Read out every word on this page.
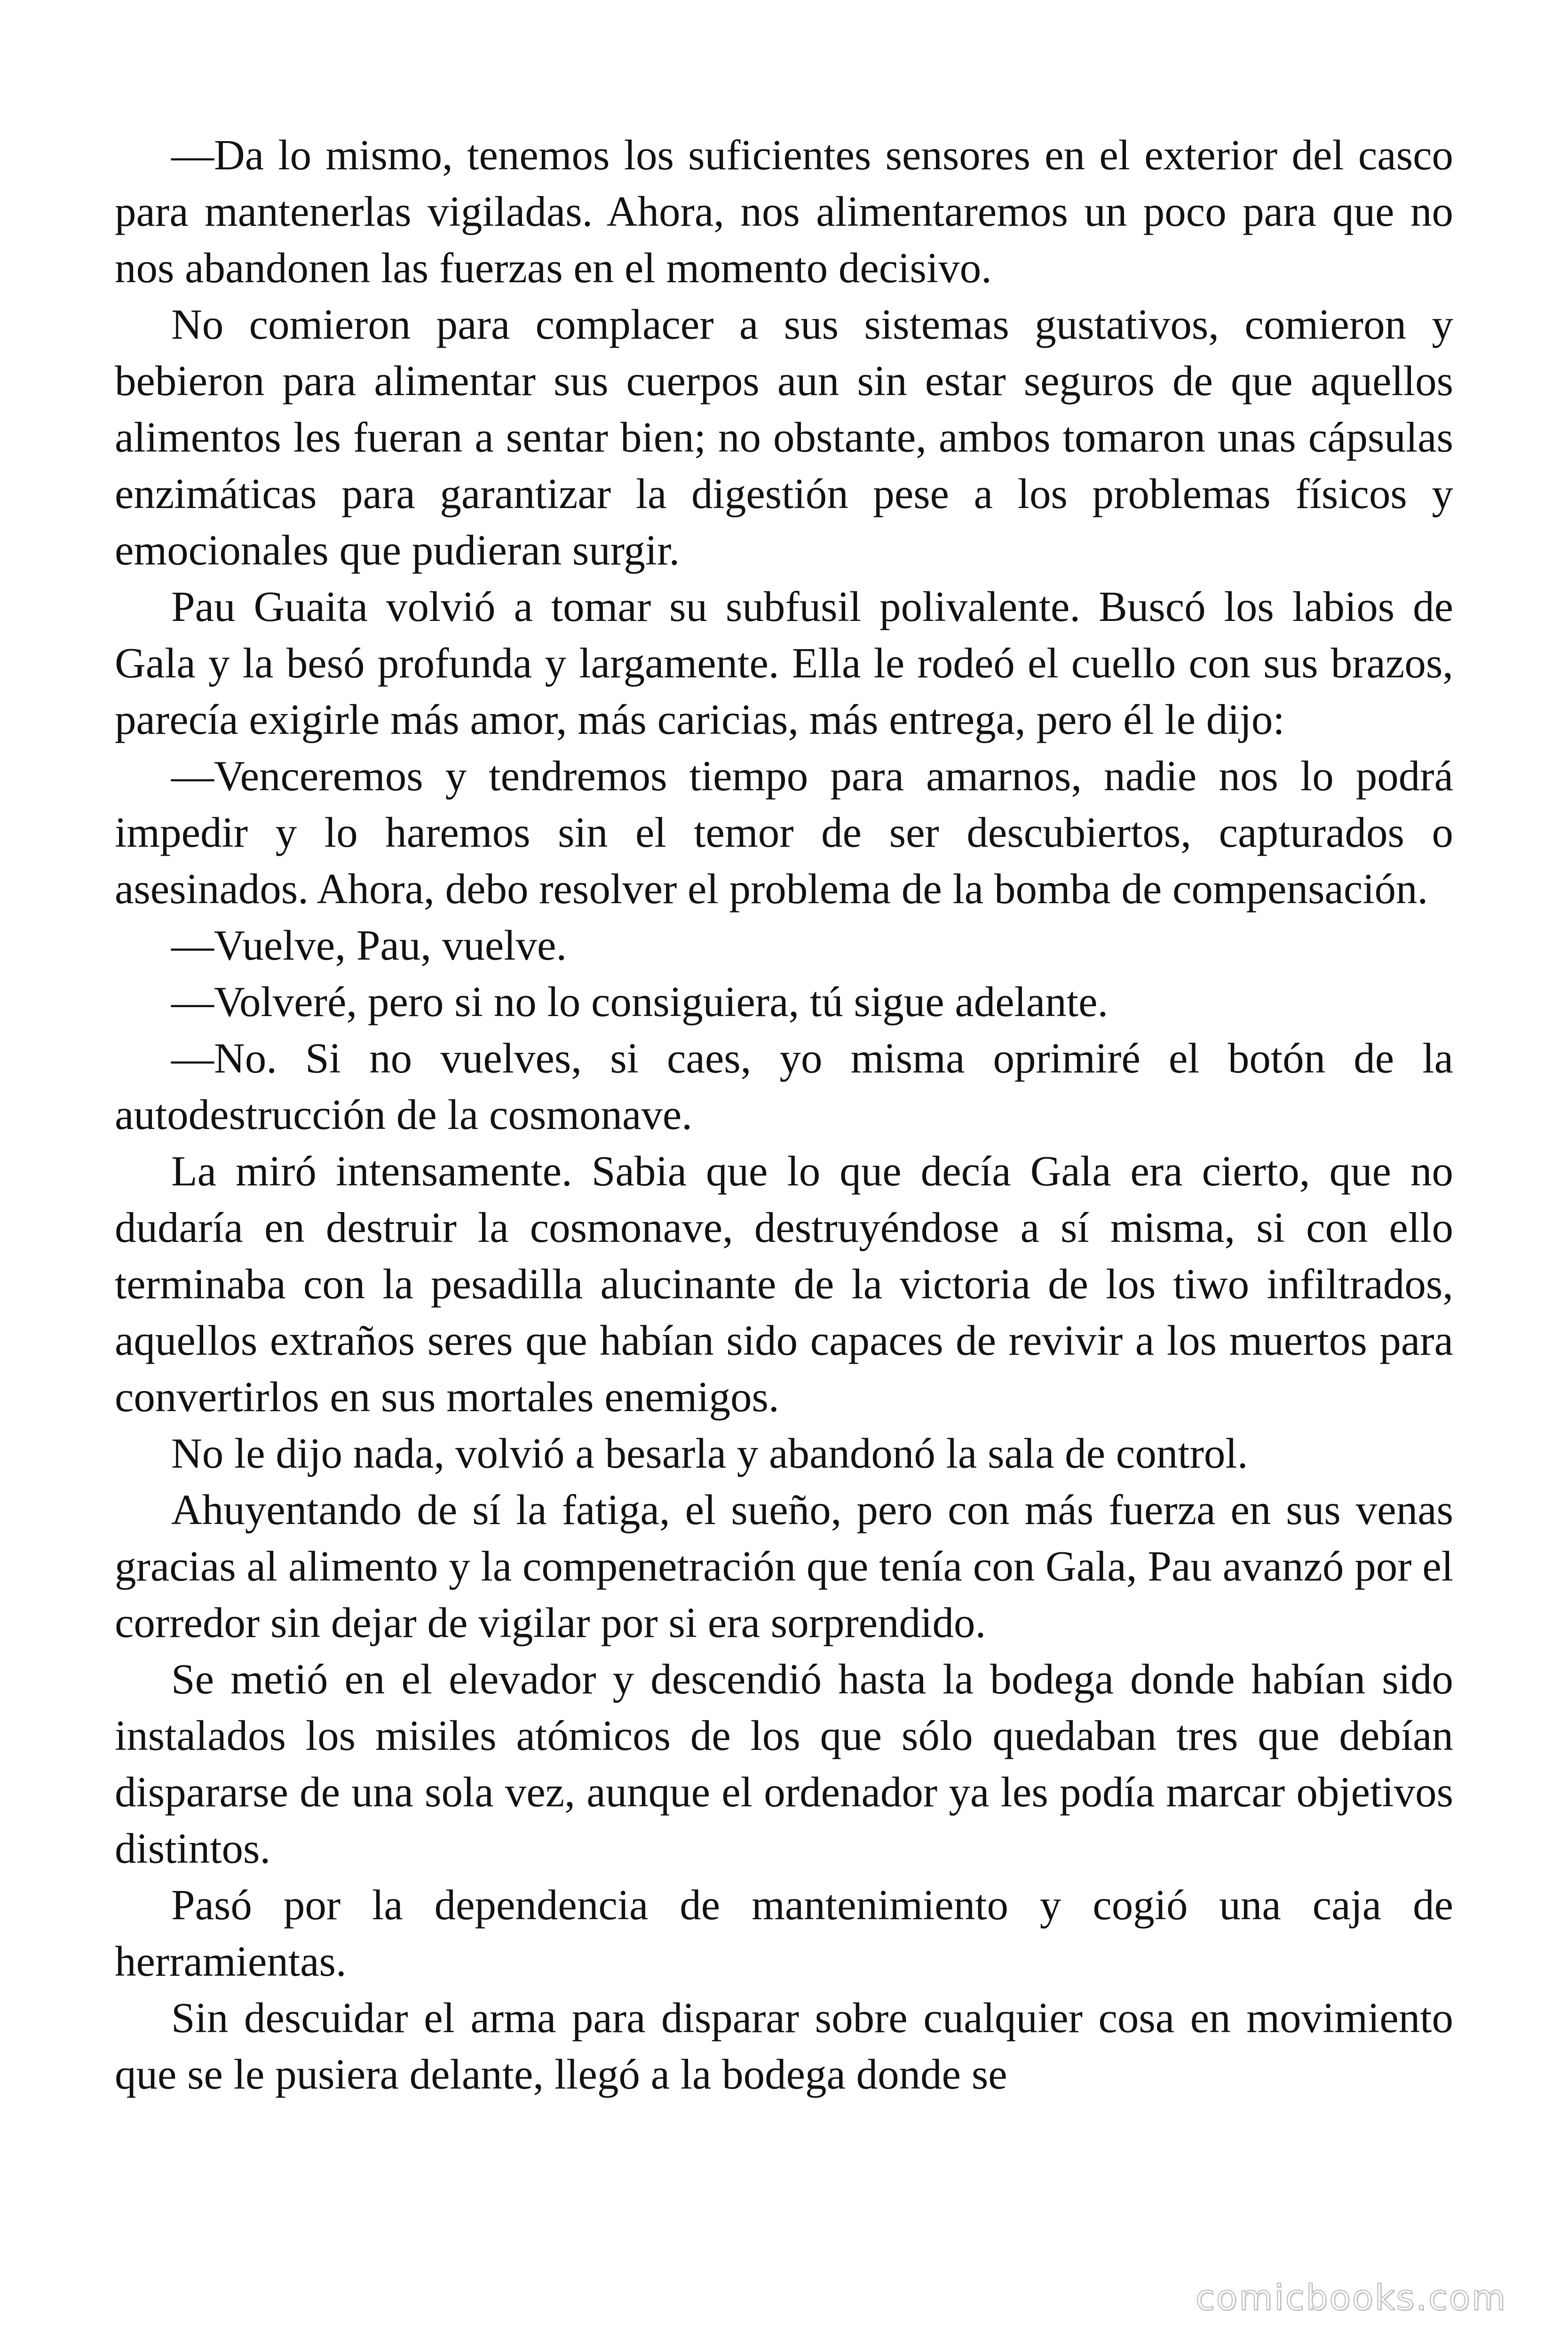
—Da lo mismo, tenemos los suficientes sensores en el exterior del casco para mantenerlas vigiladas. Ahora, nos alimentaremos un poco para que no nos abandonen las fuerzas en el momento decisivo.

No comieron para complacer a sus sistemas gustativos, comieron y bebieron para alimentar sus cuerpos aun sin estar seguros de que aquellos alimentos les fueran a sentar bien; no obstante, ambos tomaron unas cápsulas enzimáticas para garantizar la digestión pese a los problemas físicos y emocionales que pudieran surgir.

Pau Guaita volvió a tomar su subfusil polivalente. Buscó los labios de Gala y la besó profunda y largamente. Ella le rodeó el cuello con sus brazos, parecía exigirle más amor, más caricias, más entrega, pero él le dijo:

—Venceremos y tendremos tiempo para amarnos, nadie nos lo podrá impedir y lo haremos sin el temor de ser descubiertos, capturados o asesinados. Ahora, debo resolver el problema de la bomba de compensación.

—Vuelve, Pau, vuelve.

—Volveré, pero si no lo consiguiera, tú sigue adelante.

—No. Si no vuelves, si caes, yo misma oprimiré el botón de la autodestrucción de la cosmonave.

La miró intensamente. Sabia que lo que decía Gala era cierto, que no dudaría en destruir la cosmonave, destruyéndose a sí misma, si con ello terminaba con la pesadilla alucinante de la victoria de los tiwo infiltrados, aquellos extraños seres que habían sido capaces de revivir a los muertos para convertirlos en sus mortales enemigos.

No le dijo nada, volvió a besarla y abandonó la sala de control.

Ahuyentando de sí la fatiga, el sueño, pero con más fuerza en sus venas gracias al alimento y la compenetración que tenía con Gala, Pau avanzó por el corredor sin dejar de vigilar por si era sorprendido.

Se metió en el elevador y descendió hasta la bodega donde habían sido instalados los misiles atómicos de los que sólo quedaban tres que debían dispararse de una sola vez, aunque el ordenador ya les podía marcar objetivos distintos.

Pasó por la dependencia de mantenimiento y cogió una caja de herramientas.

Sin descuidar el arma para disparar sobre cualquier cosa en movimiento que se le pusiera delante, llegó a la bodega donde se

comicbooks.com
